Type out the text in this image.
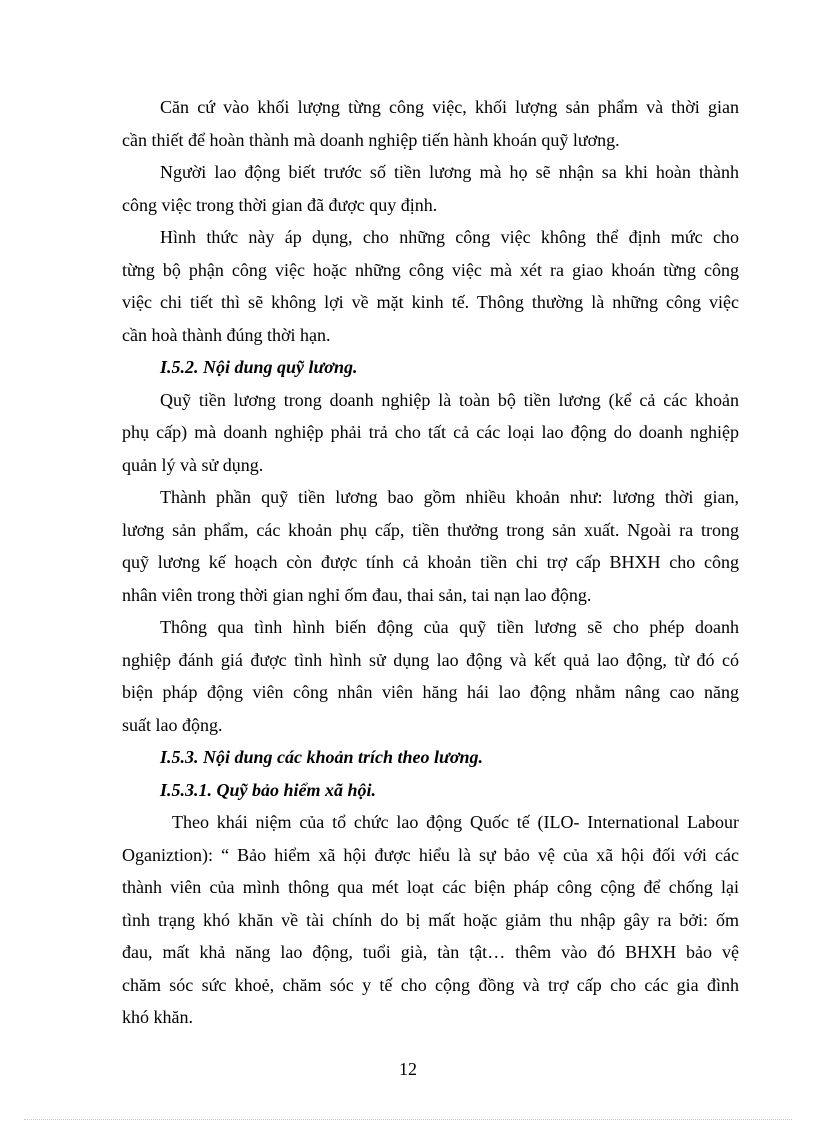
Căn cứ vào khối lượng từng công việc, khối lượng sản phẩm và thời gian
cần thiết để hoàn thành mà doanh nghiệp tiến hành khoán quỹ lương.
Người lao động biết trước số tiền lương mà họ sẽ nhận sa khi hoàn thành
công việc trong thời gian đã được quy định.
Hình thức này áp dụng, cho những công việc không thể định mức cho
từng bộ phận công việc hoặc những công việc mà xét ra giao khoán từng công
việc chi tiết thì sẽ không lợi về mặt kinh tế. Thông thường là những công việc
cần hoà thành đúng thời hạn.
I.5.2. Nội dung quỹ lương.
Quỹ tiền lương trong doanh nghiệp là toàn bộ tiền lương (kể cả các khoản
phụ cấp) mà doanh nghiệp phải trả cho tất cả các loại lao động do doanh nghiệp
quản lý và sử dụng.
Thành phần quỹ tiền lương bao gồm nhiều khoản như: lương thời gian,
lương sản phẩm, các khoản phụ cấp, tiền thưởng trong sản xuất. Ngoài ra trong
quỹ lương kế hoạch còn được tính cả khoản tiền chi trợ cấp BHXH cho công
nhân viên trong thời gian nghỉ ốm đau, thai sản, tai nạn lao động.
Thông qua tình hình biến động của quỹ tiền lương sẽ cho phép doanh
nghiệp đánh giá được tình hình sử dụng lao động và kết quả lao động, từ đó có
biện pháp động viên công nhân viên hăng hái lao động nhằm nâng cao năng
suất lao động.
I.5.3. Nội dung các khoản trích theo lương.
I.5.3.1. Quỹ bảo hiểm xã hội.
Theo khái niệm của tổ chức lao động Quốc tế (ILO- International Labour
Oganiztion): “ Bảo hiểm xã hội được hiểu là sự bảo vệ của xã hội đối với các
thành viên của mình thông qua mét loạt các biện pháp công cộng để chống lại
tình trạng khó khăn về tài chính do bị mất hoặc giảm thu nhập gây ra bởi: ốm
đau, mất khả năng lao động, tuổi già, tàn tật… thêm vào đó BHXH bảo vệ
chăm sóc sức khoẻ, chăm sóc y tế cho cộng đồng và trợ cấp cho các gia đình
khó khăn.
12
